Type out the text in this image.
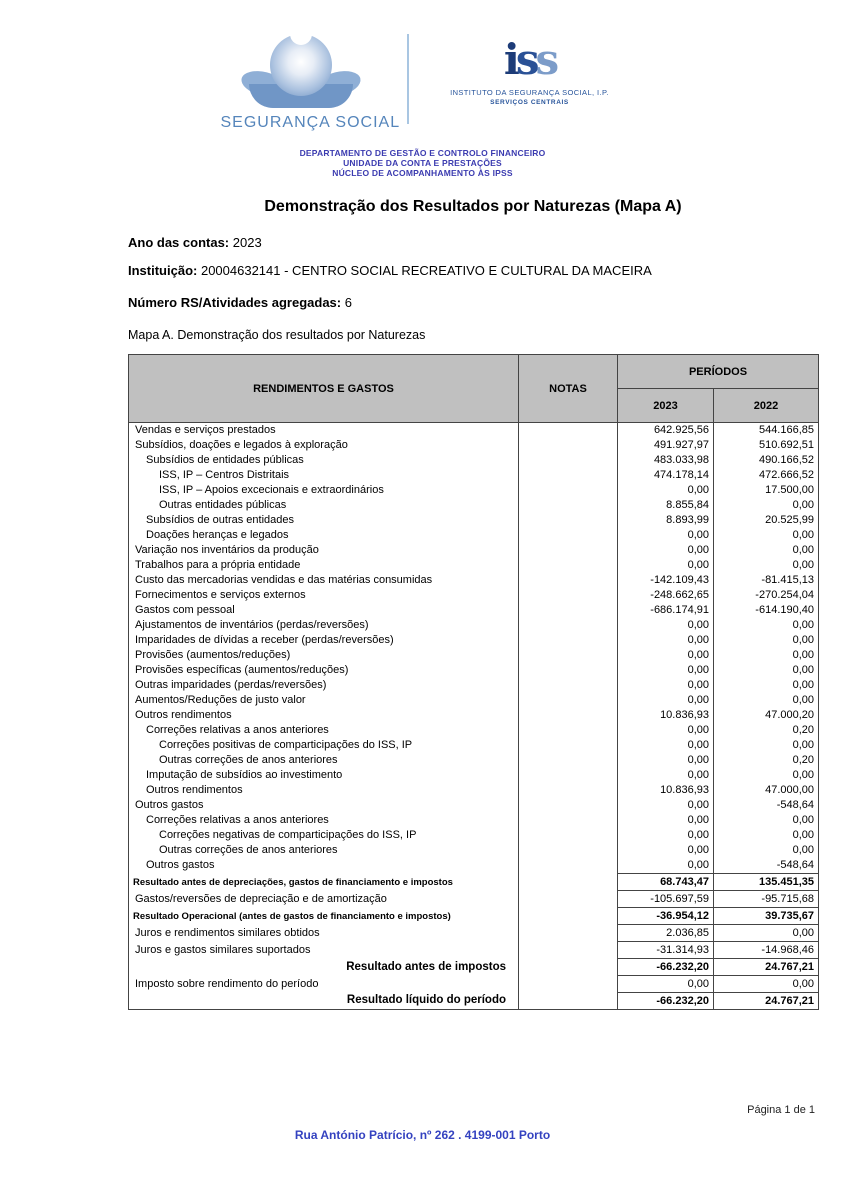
SEGURANÇA SOCIAL
iss
INSTITUTO DA SEGURANÇA SOCIAL, I.P.
SERVIÇOS CENTRAIS
DEPARTAMENTO DE GESTÃO E CONTROLO FINANCEIRO
UNIDADE DA CONTA E PRESTAÇÕES
NÚCLEO DE ACOMPANHAMENTO ÀS IPSS
Demonstração dos Resultados por Naturezas (Mapa A)
Ano das contas: 2023
Instituição: 20004632141 - CENTRO SOCIAL RECREATIVO E CULTURAL DA MACEIRA
Número RS/Atividades agregadas: 6
Mapa A. Demonstração dos resultados por Naturezas
RENDIMENTOS E GASTOS	NOTAS	PERÍODOS	
		2023	2022
Vendas e serviços prestados		642.925,56	544.166,85
Subsídios, doações e legados à exploração		491.927,97	510.692,51
Subsídios de entidades públicas		483.033,98	490.166,52
ISS, IP – Centros Distritais		474.178,14	472.666,52
ISS, IP – Apoios excecionais e extraordinários		0,00	17.500,00
Outras entidades públicas		8.855,84	0,00
Subsídios de outras entidades		8.893,99	20.525,99
Doações heranças e legados		0,00	0,00
Variação nos inventários da produção		0,00	0,00
Trabalhos para a própria entidade		0,00	0,00
Custo das mercadorias vendidas e das matérias consumidas		-142.109,43	-81.415,13
Fornecimentos e serviços externos		-248.662,65	-270.254,04
Gastos com pessoal		-686.174,91	-614.190,40
Ajustamentos de inventários (perdas/reversões)		0,00	0,00
Imparidades de dívidas a receber (perdas/reversões)		0,00	0,00
Provisões (aumentos/reduções)		0,00	0,00
Provisões específicas (aumentos/reduções)		0,00	0,00
Outras imparidades (perdas/reversões)		0,00	0,00
Aumentos/Reduções de justo valor		0,00	0,00
Outros rendimentos		10.836,93	47.000,20
Correções relativas a anos anteriores		0,00	0,20
Correções positivas de comparticipações do ISS, IP		0,00	0,00
Outras correções de anos anteriores		0,00	0,20
Imputação de subsídios ao investimento		0,00	0,00
Outros rendimentos		10.836,93	47.000,00
Outros gastos		0,00	-548,64
Correções relativas a anos anteriores		0,00	0,00
Correções negativas de comparticipações do ISS, IP		0,00	0,00
Outras correções de anos anteriores		0,00	0,00
Outros gastos		0,00	-548,64
Resultado antes de depreciações, gastos de financiamento e impostos		68.743,47	135.451,35
Gastos/reversões de depreciação e de amortização		-105.697,59	-95.715,68
Resultado Operacional (antes de gastos de financiamento e impostos)		-36.954,12	39.735,67
Juros e rendimentos similares obtidos		2.036,85	0,00
Juros e gastos similares suportados		-31.314,93	-14.968,46
Resultado antes de impostos		-66.232,20	24.767,21
Imposto sobre rendimento do período		0,00	0,00
Resultado líquido do período		-66.232,20	24.767,21
Página 1 de 1
Rua António Patrício, nº 262 . 4199-001 Porto
